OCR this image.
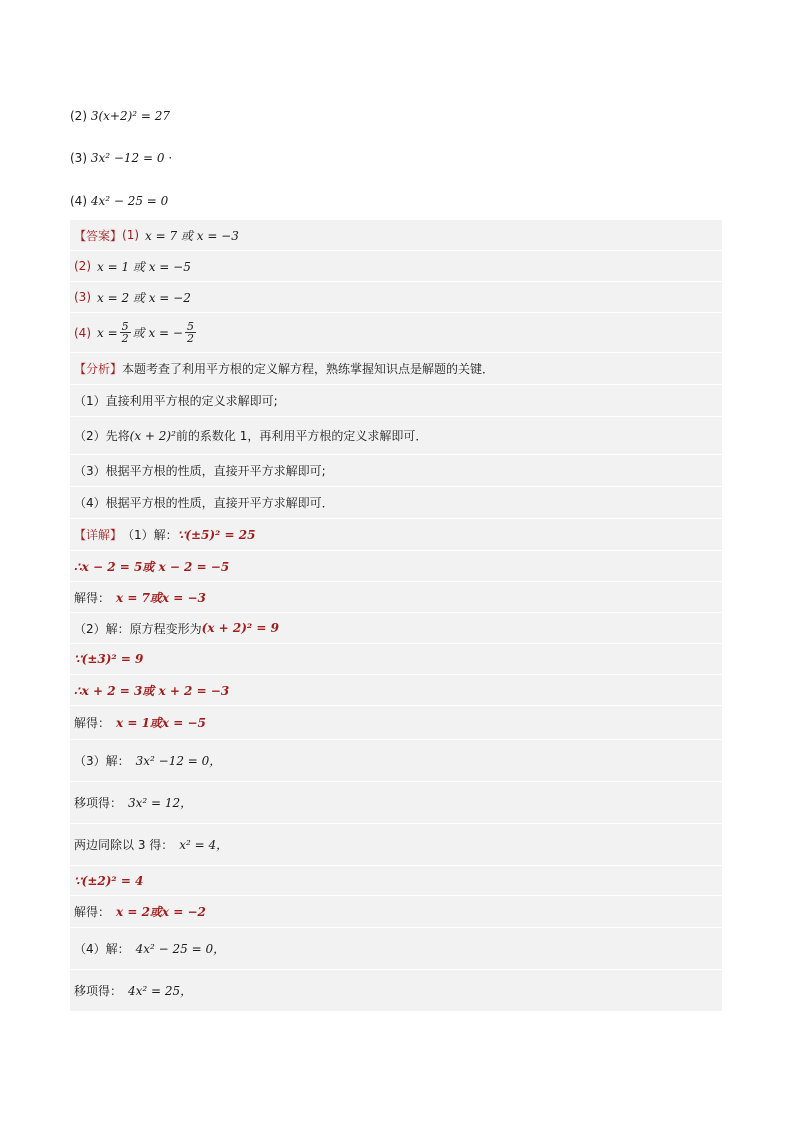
(2) 3(x+2)² = 27
(3) 3x² −12 = 0 ·
(4) 4x² − 25 = 0
【答案】 (1) x = 7 或 x = −3
(2) x = 1 或 x = −5
(3) x = 2 或 x = −2
(4) $x = \frac{5}{2}$ 或 x = − $\frac{5}{2}$
【分析】 本题考查了利用平方根的定义解方程，熟练掌握知识点是解题的关键．
（1）直接利用平方根的定义求解即可;
（2）先将 (x + 2)² 前的系数化 1，再利用平方根的定义求解即可．
（3）根据平方根的性质，直接开平方求解即可;
（4）根据平方根的性质，直接开平方求解即可．
【详解】 （1）解： ∵(±5)² = 25
∴x − 2 = 5或 x − 2 = −5
解得： x = 7或x = −3
（2）解：原方程变形为 (x + 2)² = 9
∵(±3)² = 9
∴x + 2 = 3或 x + 2 = −3
解得： x = 1或x = −5
（3）解： 3x² −12 = 0，
移项得： 3x² = 12，
两边同除以 3 得： x² = 4，
∵(±2)² = 4
解得： x = 2或x = −2
（4）解： 4x² − 25 = 0，
移项得： 4x² = 25，
